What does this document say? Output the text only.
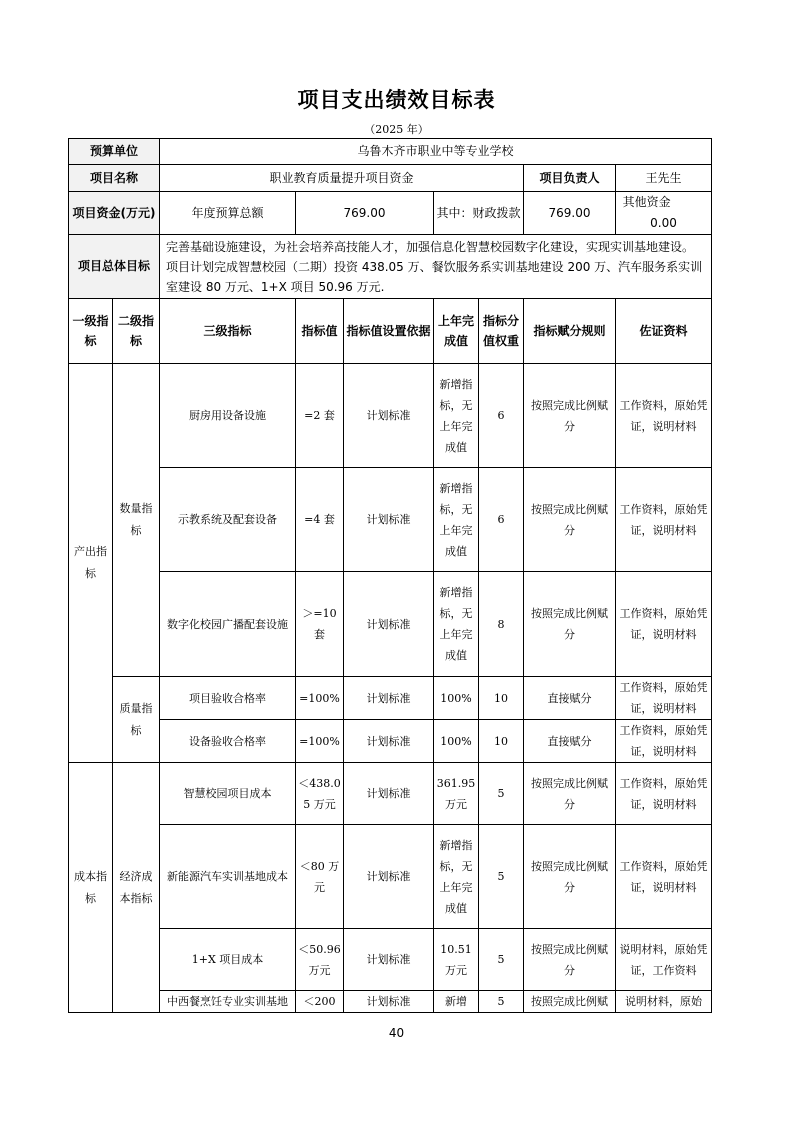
项目支出绩效目标表
（2025 年）
预算单位		乌鲁木齐市职业中等专业学校						
项目名称		职业教育质量提升项目资金					项目负责人	王先生
项目资金(万元)		年度预算总额	769.00		其中：财政拨款		769.00	其他资金  0.00
项目总体目标		完善基础设施建设，为社会培养高技能人才，加强信息化智慧校园数字化建设，实现实训基地建设。项目计划完成智慧校园（二期）投资 438.05 万、餐饮服务系实训基地建设 200 万、汽车服务系实训室建设 80 万元、1+X 项目 50.96 万元.						
一级指标	二级指标	三级指标	指标值	指标值设置依据	上年完成值	指标分值权重	指标赋分规则	佐证资料
产出指标	数量指标	厨房用设备设施	=2 套	计划标准	新增指标，无上年完成值	6	按照完成比例赋分	工作资料，原始凭证，说明材料
		示教系统及配套设备	=4 套	计划标准	新增指标，无上年完成值	6	按照完成比例赋分	工作资料，原始凭证，说明材料
		数字化校园广播配套设施	＞=10 套	计划标准	新增指标，无上年完成值	8	按照完成比例赋分	工作资料，原始凭证，说明材料
	质量指标	项目验收合格率	=100%	计划标准	100%	10	直接赋分	工作资料，原始凭证，说明材料
		设备验收合格率	=100%	计划标准	100%	10	直接赋分	工作资料，原始凭证，说明材料
成本指标	经济成本指标	智慧校园项目成本	＜438.05 万元	计划标准	361.95 万元	5	按照完成比例赋分	工作资料，原始凭证，说明材料
		新能源汽车实训基地成本	＜80 万元	计划标准	新增指标，无上年完成值	5	按照完成比例赋分	工作资料，原始凭证，说明材料
		1+X 项目成本	＜50.96 万元	计划标准	10.51 万元	5	按照完成比例赋分	说明材料，原始凭证，工作资料
		中西餐烹饪专业实训基地	＜200	计划标准	新增	5	按照完成比例赋	说明材料，原始
40
